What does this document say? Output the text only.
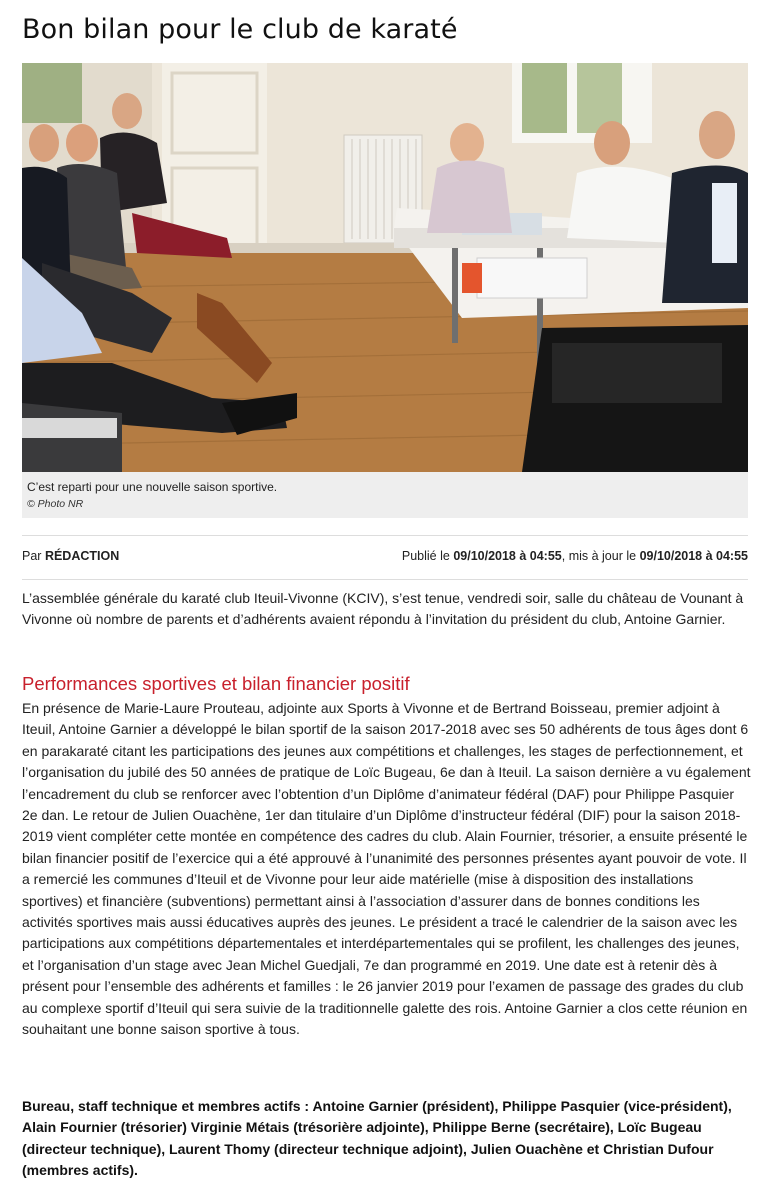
Bon bilan pour le club de karaté
C’est reparti pour une nouvelle saison sportive.
© Photo NR
Par RÉDACTION	Publié le 09/10/2018 à 04:55, mis à jour le 09/10/2018 à 04:55

L’assemblée générale du karaté club Iteuil-Vivonne (KCIV), s’est tenue, vendredi soir, salle du château de Vounant à Vivonne où nombre de parents et d’adhérents avaient répondu à l’invitation du président du club, Antoine Garnier.

Performances sportives et bilan financier positif

En présence de Marie-Laure Prouteau, adjointe aux Sports à Vivonne et de Bertrand Boisseau, premier adjoint à Iteuil, Antoine Garnier a développé le bilan sportif de la saison 2017-2018 avec ses 50 adhérents de tous âges dont 6 en parakaraté citant les participations des jeunes aux compétitions et challenges, les stages de perfectionnement, et l’organisation du jubilé des 50 années de pratique de Loïc Bugeau, 6e dan à Iteuil. La saison dernière a vu également l’encadrement du club se renforcer avec l’obtention d’un Diplôme d’animateur fédéral (DAF) pour Philippe Pasquier 2e dan. Le retour de Julien Ouachène, 1er dan titulaire d’un Diplôme d’instructeur fédéral (DIF) pour la saison 2018-2019 vient compléter cette montée en compétence des cadres du club. Alain Fournier, trésorier, a ensuite présenté le bilan financier positif de l’exercice qui a été approuvé à l’unanimité des personnes présentes ayant pouvoir de vote. Il a remercié les communes d’Iteuil et de Vivonne pour leur aide matérielle (mise à disposition des installations sportives) et financière (subventions) permettant ainsi à l’association d’assurer dans de bonnes conditions les activités sportives mais aussi éducatives auprès des jeunes. Le président a tracé le calendrier de la saison avec les participations aux compétitions départementales et interdépartementales qui se profilent, les challenges des jeunes, et l’organisation d’un stage avec Jean Michel Guedjali, 7e dan programmé en 2019. Une date est à retenir dès à présent pour l’ensemble des adhérents et familles : le 26 janvier 2019 pour l’examen de passage des grades du club au complexe sportif d’Iteuil qui sera suivie de la traditionnelle galette des rois. Antoine Garnier a clos cette réunion en souhaitant une bonne saison sportive à tous.

Bureau, staff technique et membres actifs : Antoine Garnier (président), Philippe Pasquier (vice-président), Alain Fournier (trésorier) Virginie Métais (trésorière adjointe), Philippe Berne (secrétaire), Loïc Bugeau (directeur technique), Laurent Thomy (directeur technique adjoint), Julien Ouachène et Christian Dufour (membres actifs).
